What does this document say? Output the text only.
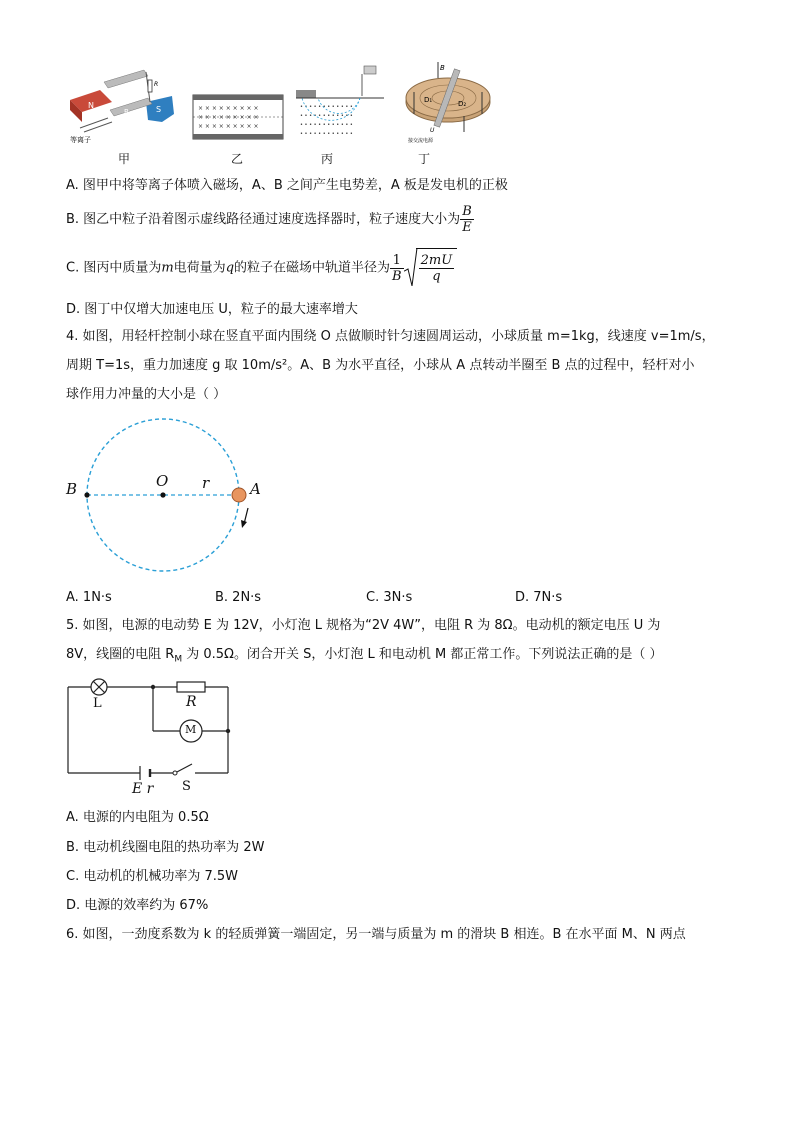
N	S
A
B
R
等离子
甲
× × × × × × × × ×
× × × × × × × × ×
× × × × × × × × ×
乙
• • • • • • • • • • • •
• • • • • • • • • • • •
• • • • • • • • • • • •
• • • • • • • • • • • •
丙
B
D₁	D₂
U
接交流电源
丁
A. 图甲中将等离子体喷入磁场，A、B 之间产生电势差，A 板是发电机的正极
B. 图乙中粒子沿着图示虚线路径通过速度选择器时，粒子速度大小为 $\frac{B}{E}$
C. 图丙中质量为m电荷量为q的粒子在磁场中轨道半径为 $\frac{1}{B} \frac{2mU}{q}$
D. 图丁中仅增大加速电压 U，粒子的最大速率增大
4. 如图，用轻杆控制小球在竖直平面内围绕 O 点做顺时针匀速圆周运动，小球质量 m=1kg，线速度 v=1m/s，
周期 T=1s，重力加速度 g 取 10m/s²。A、B 为水平直径，小球从 A 点转动半圈至 B 点的过程中，轻杆对小
球作用力冲量的大小是（ ）
B	O r	A
A. 1N·s	B. 2N·s	C. 3N·s	D. 7N·s
5. 如图，电源的电动势 E 为 12V，小灯泡 L 规格为“2V 4W”，电阻 R 为 8Ω。电动机的额定电压 U 为
8V，线圈的电阻 $R_M$ 为 0.5Ω。闭合开关 S，小灯泡 L 和电动机 M 都正常工作。下列说法正确的是（ ）
L	R
M
E r S
A. 电源的内电阻为 0.5Ω
B. 电动机线圈电阻的热功率为 2W
C. 电动机的机械功率为 7.5W
D. 电源的效率约为 67%
6. 如图，一劲度系数为 k 的轻质弹簧一端固定，另一端与质量为 m 的滑块 B 相连。B 在水平面 M、N 两点
